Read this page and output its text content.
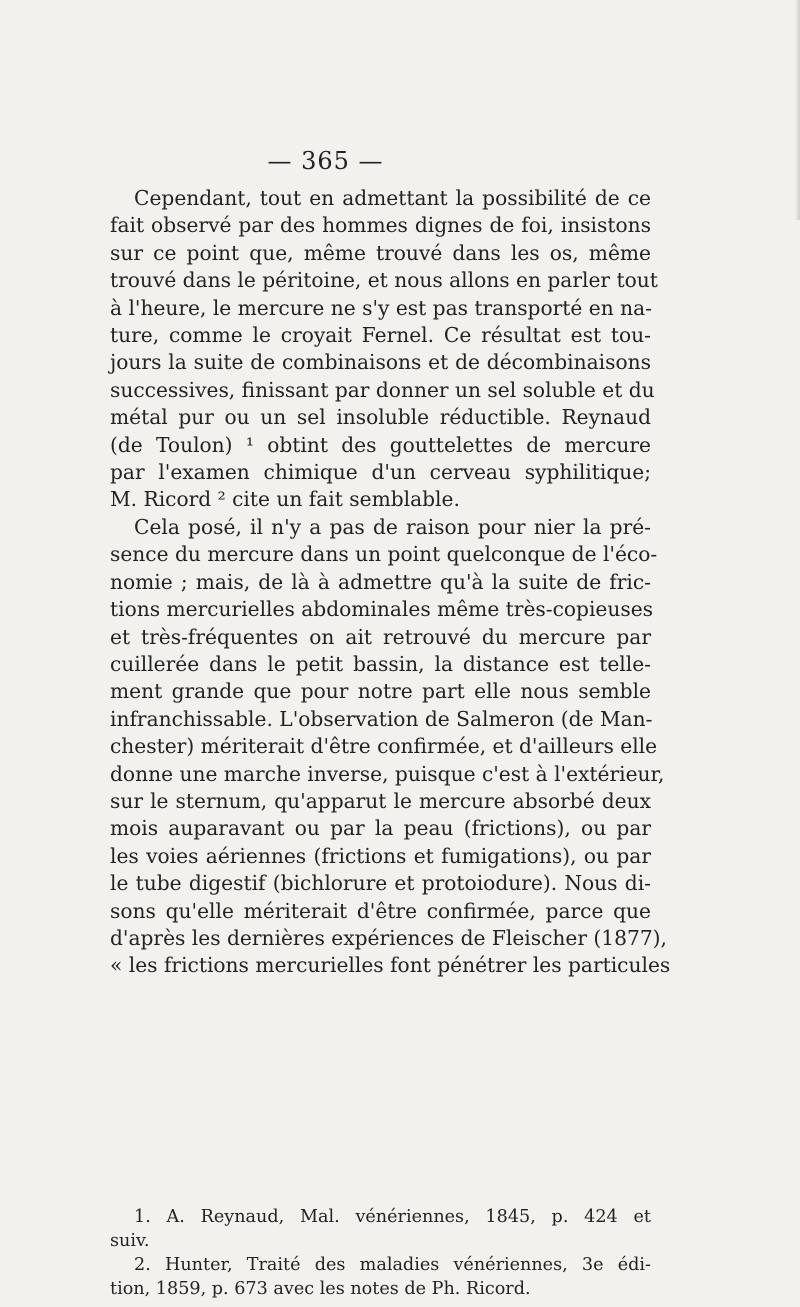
— 365 —
Cependant, tout en admettant la possibilité de ce
fait observé par des hommes dignes de foi, insistons
sur ce point que, même trouvé dans les os, même
trouvé dans le péritoine, et nous allons en parler tout
à l'heure, le mercure ne s'y est pas transporté en na-
ture, comme le croyait Fernel. Ce résultat est tou-
jours la suite de combinaisons et de décombinaisons
successives, finissant par donner un sel soluble et du
métal pur ou un sel insoluble réductible. Reynaud
(de Toulon) ¹ obtint des gouttelettes de mercure
par l'examen chimique d'un cerveau syphilitique;
M. Ricord ² cite un fait semblable.
Cela posé, il n'y a pas de raison pour nier la pré-
sence du mercure dans un point quelconque de l'éco-
nomie ; mais, de là à admettre qu'à la suite de fric-
tions mercurielles abdominales même très-copieuses
et très-fréquentes on ait retrouvé du mercure par
cuillerée dans le petit bassin, la distance est telle-
ment grande que pour notre part elle nous semble
infranchissable. L'observation de Salmeron (de Man-
chester) mériterait d'être confirmée, et d'ailleurs elle
donne une marche inverse, puisque c'est à l'extérieur,
sur le sternum, qu'apparut le mercure absorbé deux
mois auparavant ou par la peau (frictions), ou par
les voies aériennes (frictions et fumigations), ou par
le tube digestif (bichlorure et protoiodure). Nous di-
sons qu'elle mériterait d'être confirmée, parce que
d'après les dernières expériences de Fleischer (1877),
« les frictions mercurielles font pénétrer les particules
1. A. Reynaud, Mal. vénériennes, 1845, p. 424 et
suiv.
2. Hunter, Traité des maladies vénériennes, 3e édi-
tion, 1859, p. 673 avec les notes de Ph. Ricord.
